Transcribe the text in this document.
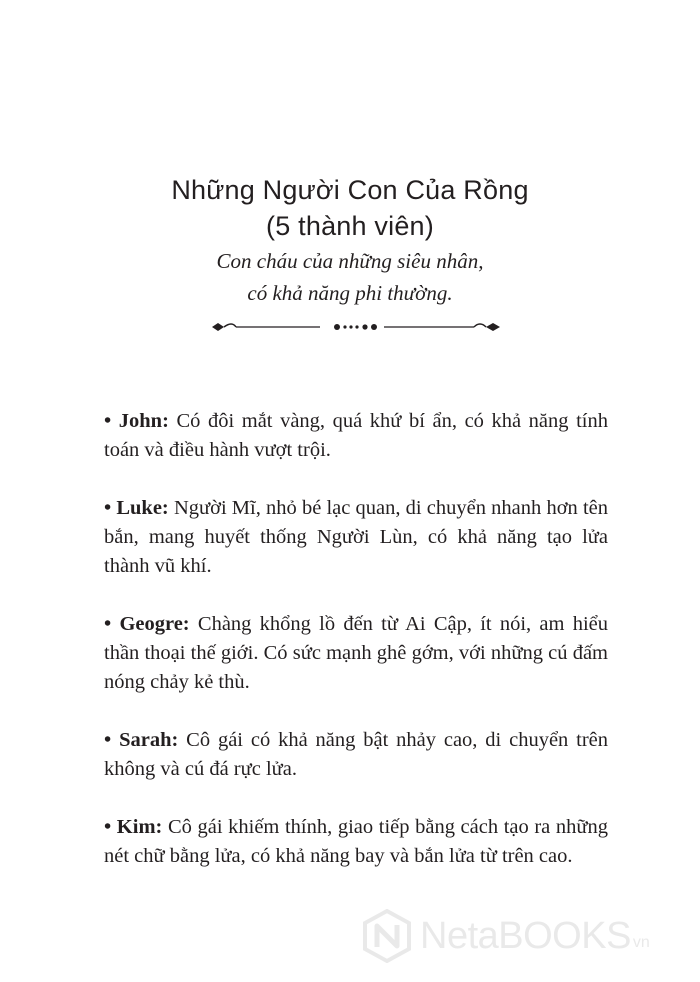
Những Người Con Của Rồng
(5 thành viên)
Con cháu của những siêu nhân,
có khả năng phi thường.

• John: Có đôi mắt vàng, quá khứ bí ẩn, có khả năng tính toán và điều hành vượt trội.

• Luke: Người Mĩ, nhỏ bé lạc quan, di chuyển nhanh hơn tên bắn, mang huyết thống Người Lùn, có khả năng tạo lửa thành vũ khí.

• Geogre: Chàng khổng lồ đến từ Ai Cập, ít nói, am hiểu thần thoại thế giới. Có sức mạnh ghê gớm, với những cú đấm nóng chảy kẻ thù.

• Sarah: Cô gái có khả năng bật nhảy cao, di chuyển trên không và cú đá rực lửa.

• Kim: Cô gái khiếm thính, giao tiếp bằng cách tạo ra những nét chữ bằng lửa, có khả năng bay và bắn lửa từ trên cao.

NetaBOOKS vn
